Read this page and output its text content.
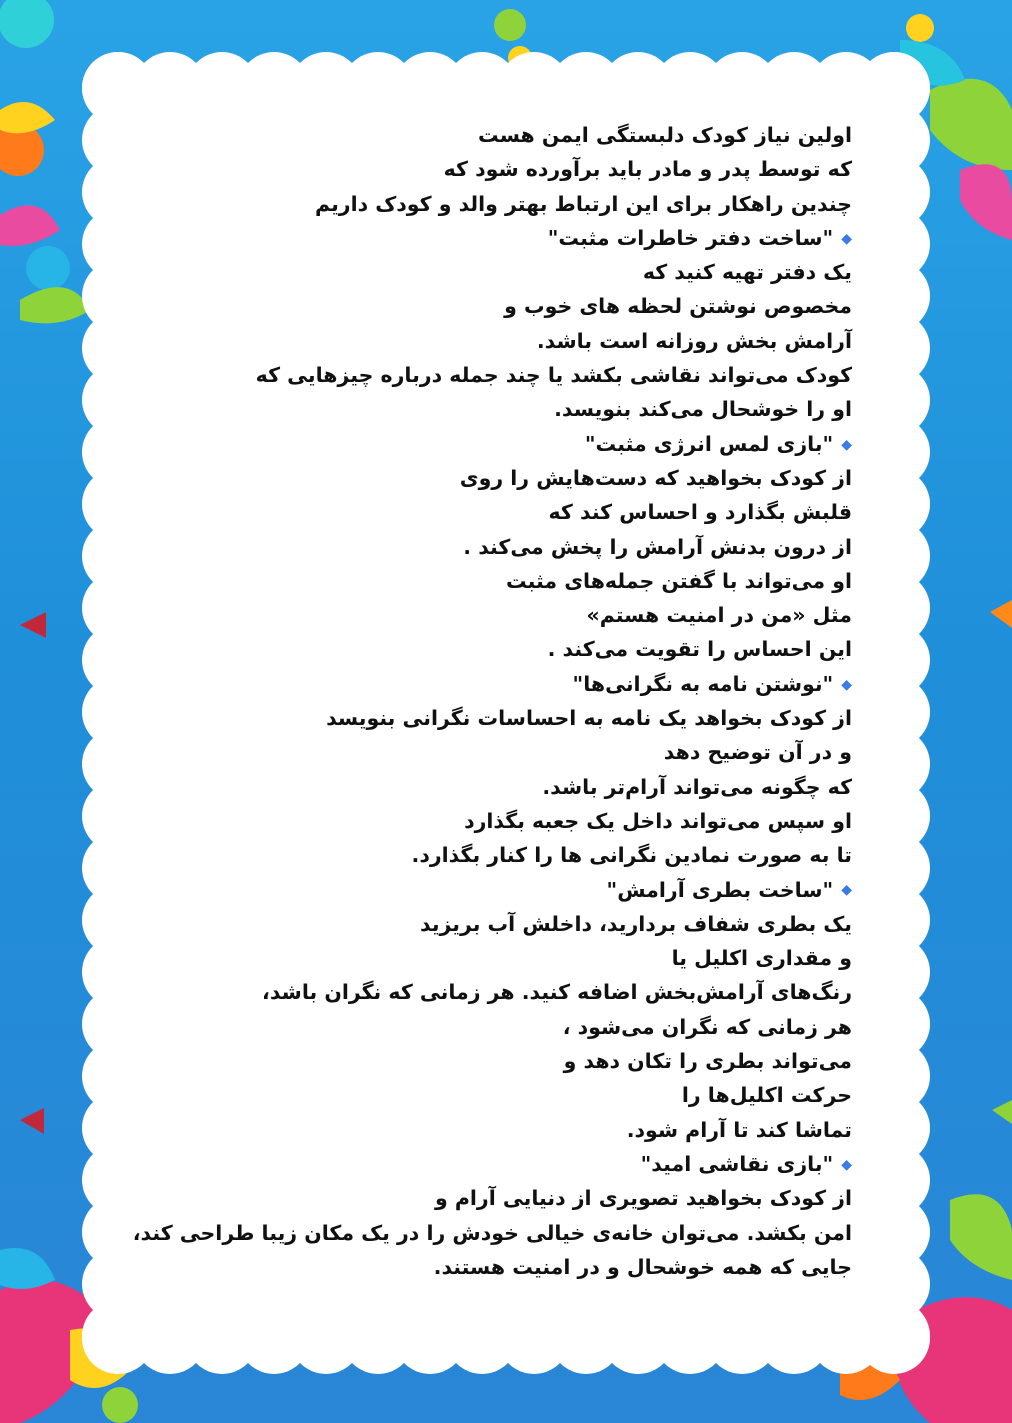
اولین نیاز کودک دلبستگی ایمن هست
که توسط پدر و مادر باید برآورده شود که
چندین راهکار برای این ارتباط بهتر والد و کودک داریم
◆"ساخت دفتر خاطرات مثبت"
یک دفتر تهیه کنید که
مخصوص نوشتن لحظه های خوب و
آرامش بخش روزانه است باشد.
کودک می‌تواند نقاشی بکشد یا چند جمله درباره چیزهایی که
او را خوشحال می‌کند بنویسد.
◆"بازی لمس انرژی مثبت"
از کودک بخواهید که دست‌هایش را روی
قلبش بگذارد و احساس کند که
از درون بدنش آرامش را پخش می‌کند .
او می‌تواند با گفتن جمله‌های مثبت
مثل «من در امنیت هستم»
این احساس را تقویت می‌کند .
◆"نوشتن نامه به نگرانی‌ها"
از کودک بخواهد یک نامه به احساسات نگرانی بنویسد
و در آن توضیح دهد
که چگونه می‌تواند آرام‌تر باشد.
او سپس می‌تواند داخل یک جعبه بگذارد
تا به صورت نمادین نگرانی ها را کنار بگذارد.
◆"ساخت بطری آرامش"
یک بطری شفاف بردارید، داخلش آب بریزید
و مقداری اکلیل یا
رنگ‌های آرامش‌بخش اضافه کنید. هر زمانی که نگران باشد،
هر زمانی که نگران می‌شود ،
می‌تواند بطری را تکان دهد و
حرکت اکلیل‌ها را
تماشا کند تا آرام شود.
◆"بازی نقاشی امید"
از کودک بخواهید تصویری از دنیایی آرام و
امن بکشد. می‌توان خانه‌ی خیالی خودش را در یک مکان زیبا طراحی کند،
جایی که همه خوشحال و در امنیت هستند.
